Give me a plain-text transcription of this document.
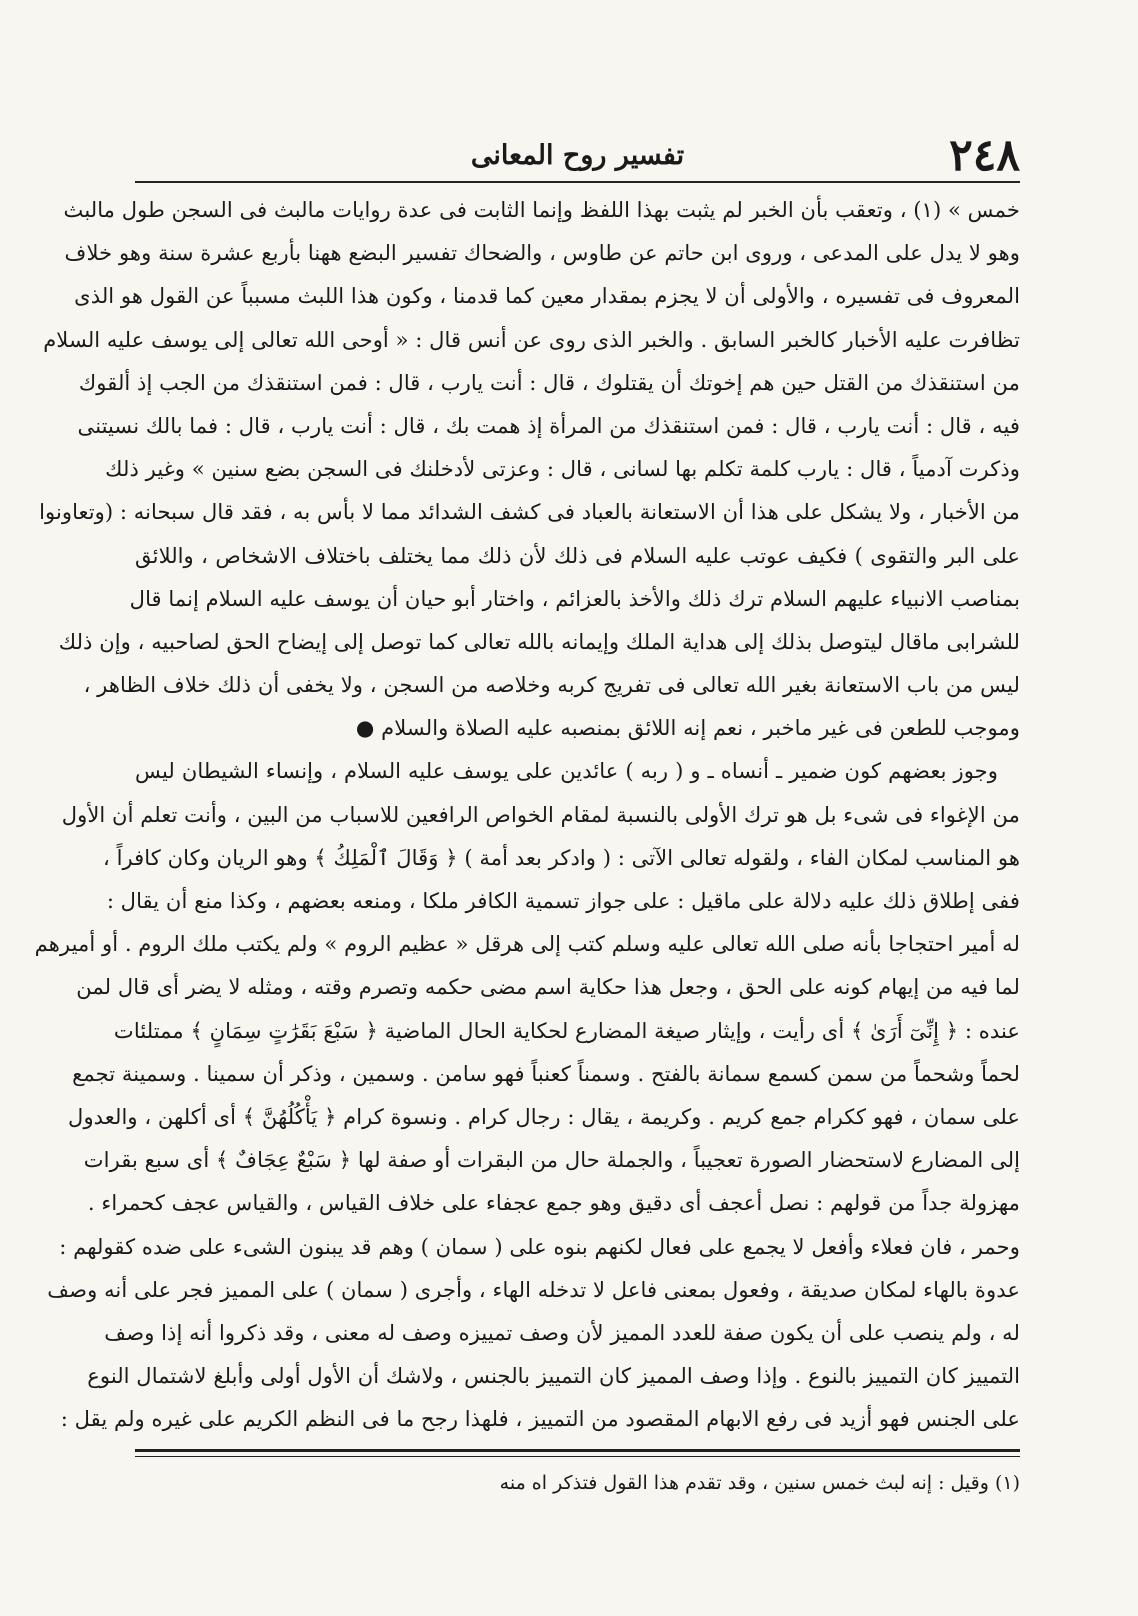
٢٤٨
تفسير روح المعانى
خمس » (١) ، وتعقب بأن الخبر لم يثبت بهذا اللفظ وإنما الثابت فى عدة روايات مالبث فى السجن طول مالبث
وهو لا يدل على المدعى ، وروى ابن حاتم عن طاوس ، والضحاك تفسير البضع ههنا بأربع عشرة سنة وهو خلاف
المعروف فى تفسيره ، والأولى أن لا يجزم بمقدار معين كما قدمنا ، وكون هذا اللبث مسبباً عن القول هو الذى
تظافرت عليه الأخبار كالخبر السابق . والخبر الذى روى عن أنس قال : « أوحى الله تعالى إلى يوسف عليه السلام
من استنقذك من القتل حين هم إخوتك أن يقتلوك ، قال : أنت يارب ، قال : فمن استنقذك من الجب إذ ألقوك
فيه ، قال : أنت يارب ، قال : فمن استنقذك من المرأة إذ همت بك ، قال : أنت يارب ، قال : فما بالك نسيتنى
وذكرت آدمياً ، قال : يارب كلمة تكلم بها لسانى ، قال : وعزتى لأدخلنك فى السجن بضع سنين » وغير ذلك
من الأخبار ، ولا يشكل على هذا أن الاستعانة بالعباد فى كشف الشدائد مما لا بأس به ، فقد قال سبحانه : (وتعاونوا
على البر والتقوى ) فكيف عوتب عليه السلام فى ذلك لأن ذلك مما يختلف باختلاف الاشخاص ، واللائق
بمناصب الانبياء عليهم السلام ترك ذلك والأخذ بالعزائم ، واختار أبو حيان أن يوسف عليه السلام إنما قال
للشرابى ماقال ليتوصل بذلك إلى هداية الملك وإيمانه بالله تعالى كما توصل إلى إيضاح الحق لصاحبيه ، وإن ذلك
ليس من باب الاستعانة بغير الله تعالى فى تفريج كربه وخلاصه من السجن ، ولا يخفى أن ذلك خلاف الظاهر ،
وموجب للطعن فى غير ماخبر ، نعم إنه اللائق بمنصبه عليه الصلاة والسلام ●
وجوز بعضهم كون ضمير ـ أنساه ـ و ( ربه ) عائدين على يوسف عليه السلام ، وإنساء الشيطان ليس
من الإغواء فى شىء بل هو ترك الأولى بالنسبة لمقام الخواص الرافعين للاسباب من البين ، وأنت تعلم أن الأول
هو المناسب لمكان الفاء ، ولقوله تعالى الآتى : ( وادكر بعد أمة ) ﴿ وَقَالَ ٱلْمَلِكُ ﴾ وهو الريان وكان كافراً ،
ففى إطلاق ذلك عليه دلالة على ماقيل : على جواز تسمية الكافر ملكا ، ومنعه بعضهم ، وكذا منع أن يقال :
له أمير احتجاجا بأنه صلى الله تعالى عليه وسلم كتب إلى هرقل « عظيم الروم » ولم يكتب ملك الروم . أو أميرهم
لما فيه من إيهام كونه على الحق ، وجعل هذا حكاية اسم مضى حكمه وتصرم وقته ، ومثله لا يضر أى قال لمن
عنده : ﴿ إِنِّىٓ أَرَىٰ ﴾ أى رأيت ، وإيثار صيغة المضارع لحكاية الحال الماضية ﴿ سَبْعَ بَقَرَٰتٍ سِمَانٍ ﴾ ممتلئات
لحماً وشحماً من سمن كسمع سمانة بالفتح . وسمناً كعنباً فهو سامن . وسمين ، وذكر أن سمينا . وسمينة تجمع
على سمان ، فهو ككرام جمع كريم . وكريمة ، يقال : رجال كرام . ونسوة كرام ﴿ يَأْكُلُهُنَّ ﴾ أى أكلهن ، والعدول
إلى المضارع لاستحضار الصورة تعجيباً ، والجملة حال من البقرات أو صفة لها ﴿ سَبْعٌ عِجَافٌ ﴾ أى سبع بقرات
مهزولة جداً من قولهم : نصل أعجف أى دقيق وهو جمع عجفاء على خلاف القياس ، والقياس عجف كحمراء .
وحمر ، فان فعلاء وأفعل لا يجمع على فعال لكنهم بنوه على ( سمان ) وهم قد يبنون الشىء على ضده كقولهم :
عدوة بالهاء لمكان صديقة ، وفعول بمعنى فاعل لا تدخله الهاء ، وأجرى ( سمان ) على المميز فجر على أنه وصف
له ، ولم ينصب على أن يكون صفة للعدد المميز لأن وصف تمييزه وصف له معنى ، وقد ذكروا أنه إذا وصف
التمييز كان التمييز بالنوع . وإذا وصف المميز كان التمييز بالجنس ، ولاشك أن الأول أولى وأبلغ لاشتمال النوع
على الجنس فهو أزيد فى رفع الابهام المقصود من التمييز ، فلهذا رجح ما فى النظم الكريم على غيره ولم يقل :
(١) وقيل : إنه لبث خمس سنين ، وقد تقدم هذا القول فتذكر اه منه
